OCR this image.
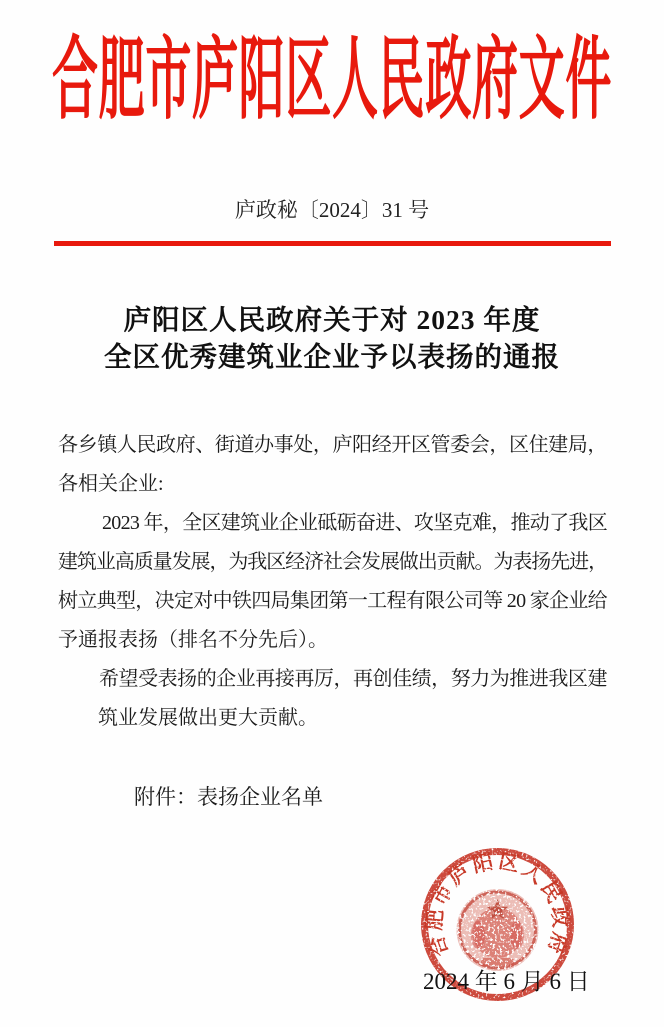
合肥市庐阳区人民政府文件
庐政秘〔2024〕31 号
庐阳区人民政府关于对 2023 年度
全区优秀建筑业企业予以表扬的通报
各乡镇人民政府、街道办事处，庐阳经开区管委会，区住建局，
各相关企业:
2023 年，全区建筑业企业砥砺奋进、攻坚克难，推动了我区
建筑业高质量发展，为我区经济社会发展做出贡献。为表扬先进，
树立典型，决定对中铁四局集团第一工程有限公司等 20 家企业给
予通报表扬（排名不分先后）。
希望受表扬的企业再接再厉，再创佳绩，努力为推进我区建
筑业发展做出更大贡献。
附件：表扬企业名单
合肥市庐阳区人民政府
2024 年 6 月 6 日
